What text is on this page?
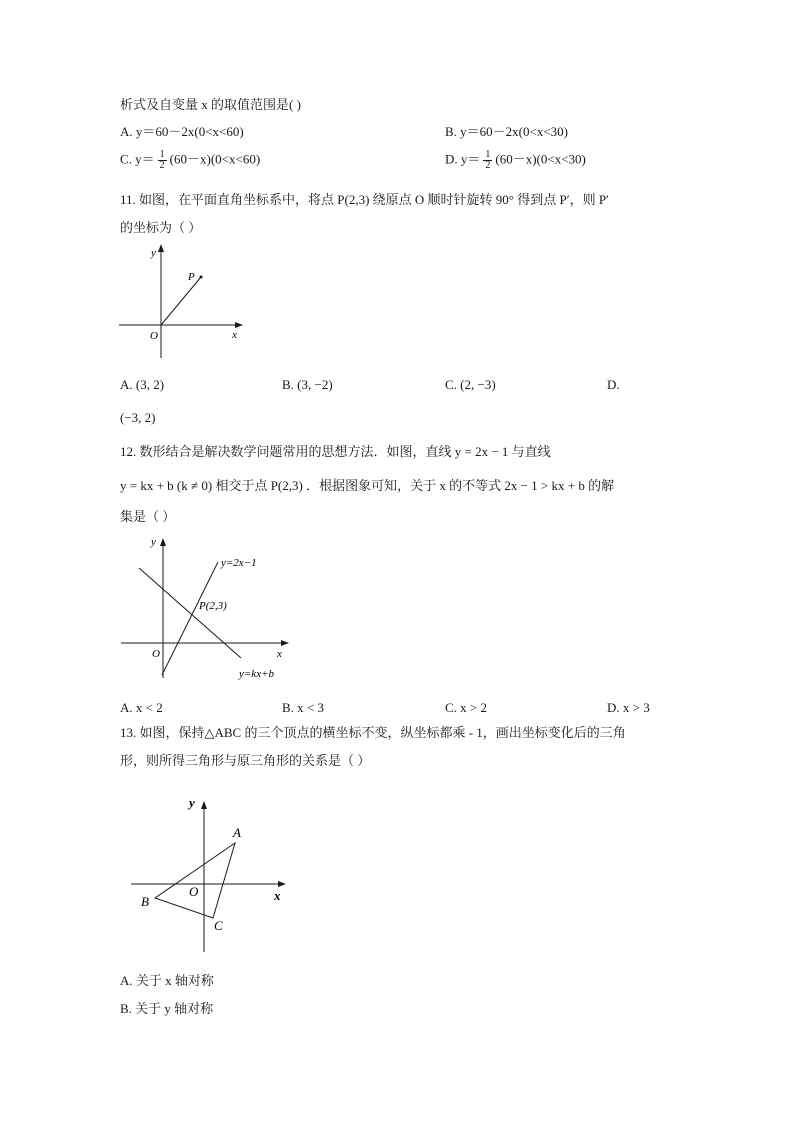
析式及自变量 x 的取值范围是( )
A. y＝60－2x(0<x<60)	B. y＝60－2x(0<x<30)
C. $y= \frac{1}{2} (60-x)(0<x<60)$	D. $y= \frac{1}{2} (60-x)(0<x<30)$
11. 如图，在平面直角坐标系中，将点 P(2,3) 绕原点 O 顺时针旋转 90° 得到点 P′，则 P′
的坐标为（ ）
y
x
O
P
A. (3, 2)	B. (3, −2)	C. (2, −3)	D.
(−3, 2)
12. 数形结合是解决数学问题常用的思想方法．如图，直线 y = 2x − 1 与直线
y = kx + b (k ≠ 0) 相交于点 P(2,3) ．根据图象可知，关于 x 的不等式 2x − 1 > kx + b 的解
集是（ ）
y
x
O
y=2x−1
P(2,3)
y=kx+b
A. x < 2	B. x < 3	C. x > 2	D. x > 3
13. 如图，保持△ABC 的三个顶点的横坐标不变，纵坐标都乘 - 1，画出坐标变化后的三角
形，则所得三角形与原三角形的关系是（ ）
y
x
O
A
B
C
A. 关于 x 轴对称
B. 关于 y 轴对称
